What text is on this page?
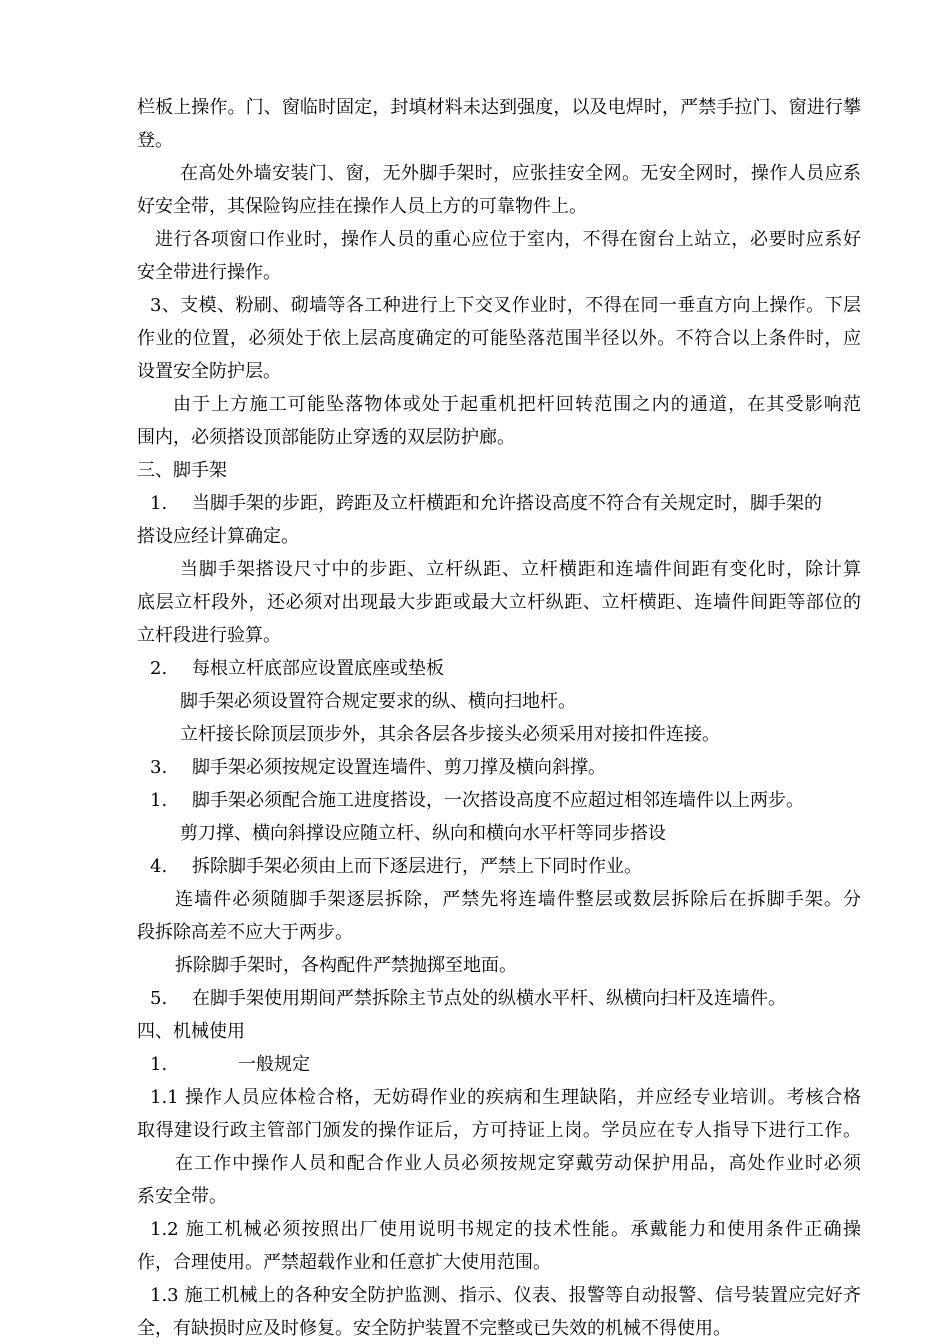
栏板上操作。门、窗临时固定，封填材料未达到强度，以及电焊时，严禁手拉门、窗进行攀
登。
在高处外墙安装门、窗，无外脚手架时，应张挂安全网。无安全网时，操作人员应系
好安全带，其保险钩应挂在操作人员上方的可靠物件上。
进行各项窗口作业时，操作人员的重心应位于室内，不得在窗台上站立，必要时应系好
安全带进行操作。
3、支模、粉刷、砌墙等各工种进行上下交叉作业时，不得在同一垂直方向上操作。下层
作业的位置，必须处于依上层高度确定的可能坠落范围半径以外。不符合以上条件时，应
设置安全防护层。
由于上方施工可能坠落物体或处于起重机把杆回转范围之内的通道，在其受影响范
围内，必须搭设顶部能防止穿透的双层防护廊。
三、脚手架
1. 当脚手架的步距，跨距及立杆横距和允许搭设高度不符合有关规定时，脚手架的
搭设应经计算确定。
当脚手架搭设尺寸中的步距、立杆纵距、立杆横距和连墙件间距有变化时，除计算
底层立杆段外，还必须对出现最大步距或最大立杆纵距、立杆横距、连墙件间距等部位的
立杆段进行验算。
2. 每根立杆底部应设置底座或垫板
脚手架必须设置符合规定要求的纵、横向扫地杆。
立杆接长除顶层顶步外，其余各层各步接头必须采用对接扣件连接。
3. 脚手架必须按规定设置连墙件、剪刀撑及横向斜撑。
1. 脚手架必须配合施工进度搭设，一次搭设高度不应超过相邻连墙件以上两步。
剪刀撑、横向斜撑设应随立杆、纵向和横向水平杆等同步搭设
4. 拆除脚手架必须由上而下逐层进行，严禁上下同时作业。
连墙件必须随脚手架逐层拆除，严禁先将连墙件整层或数层拆除后在拆脚手架。分
段拆除高差不应大于两步。
拆除脚手架时，各构配件严禁抛掷至地面。
5. 在脚手架使用期间严禁拆除主节点处的纵横水平杆、纵横向扫杆及连墙件。
四、机械使用
1.	一般规定
1.1 操作人员应体检合格，无妨碍作业的疾病和生理缺陷，并应经专业培训。考核合格
取得建设行政主管部门颁发的操作证后，方可持证上岗。学员应在专人指导下进行工作。
在工作中操作人员和配合作业人员必须按规定穿戴劳动保护用品，高处作业时必须
系安全带。
1.2 施工机械必须按照出厂使用说明书规定的技术性能。承戴能力和使用条件正确操
作，合理使用。严禁超载作业和任意扩大使用范围。
1.3 施工机械上的各种安全防护监测、指示、仪表、报警等自动报警、信号装置应完好齐
全，有缺损时应及时修复。安全防护装置不完整或已失效的机械不得使用。
